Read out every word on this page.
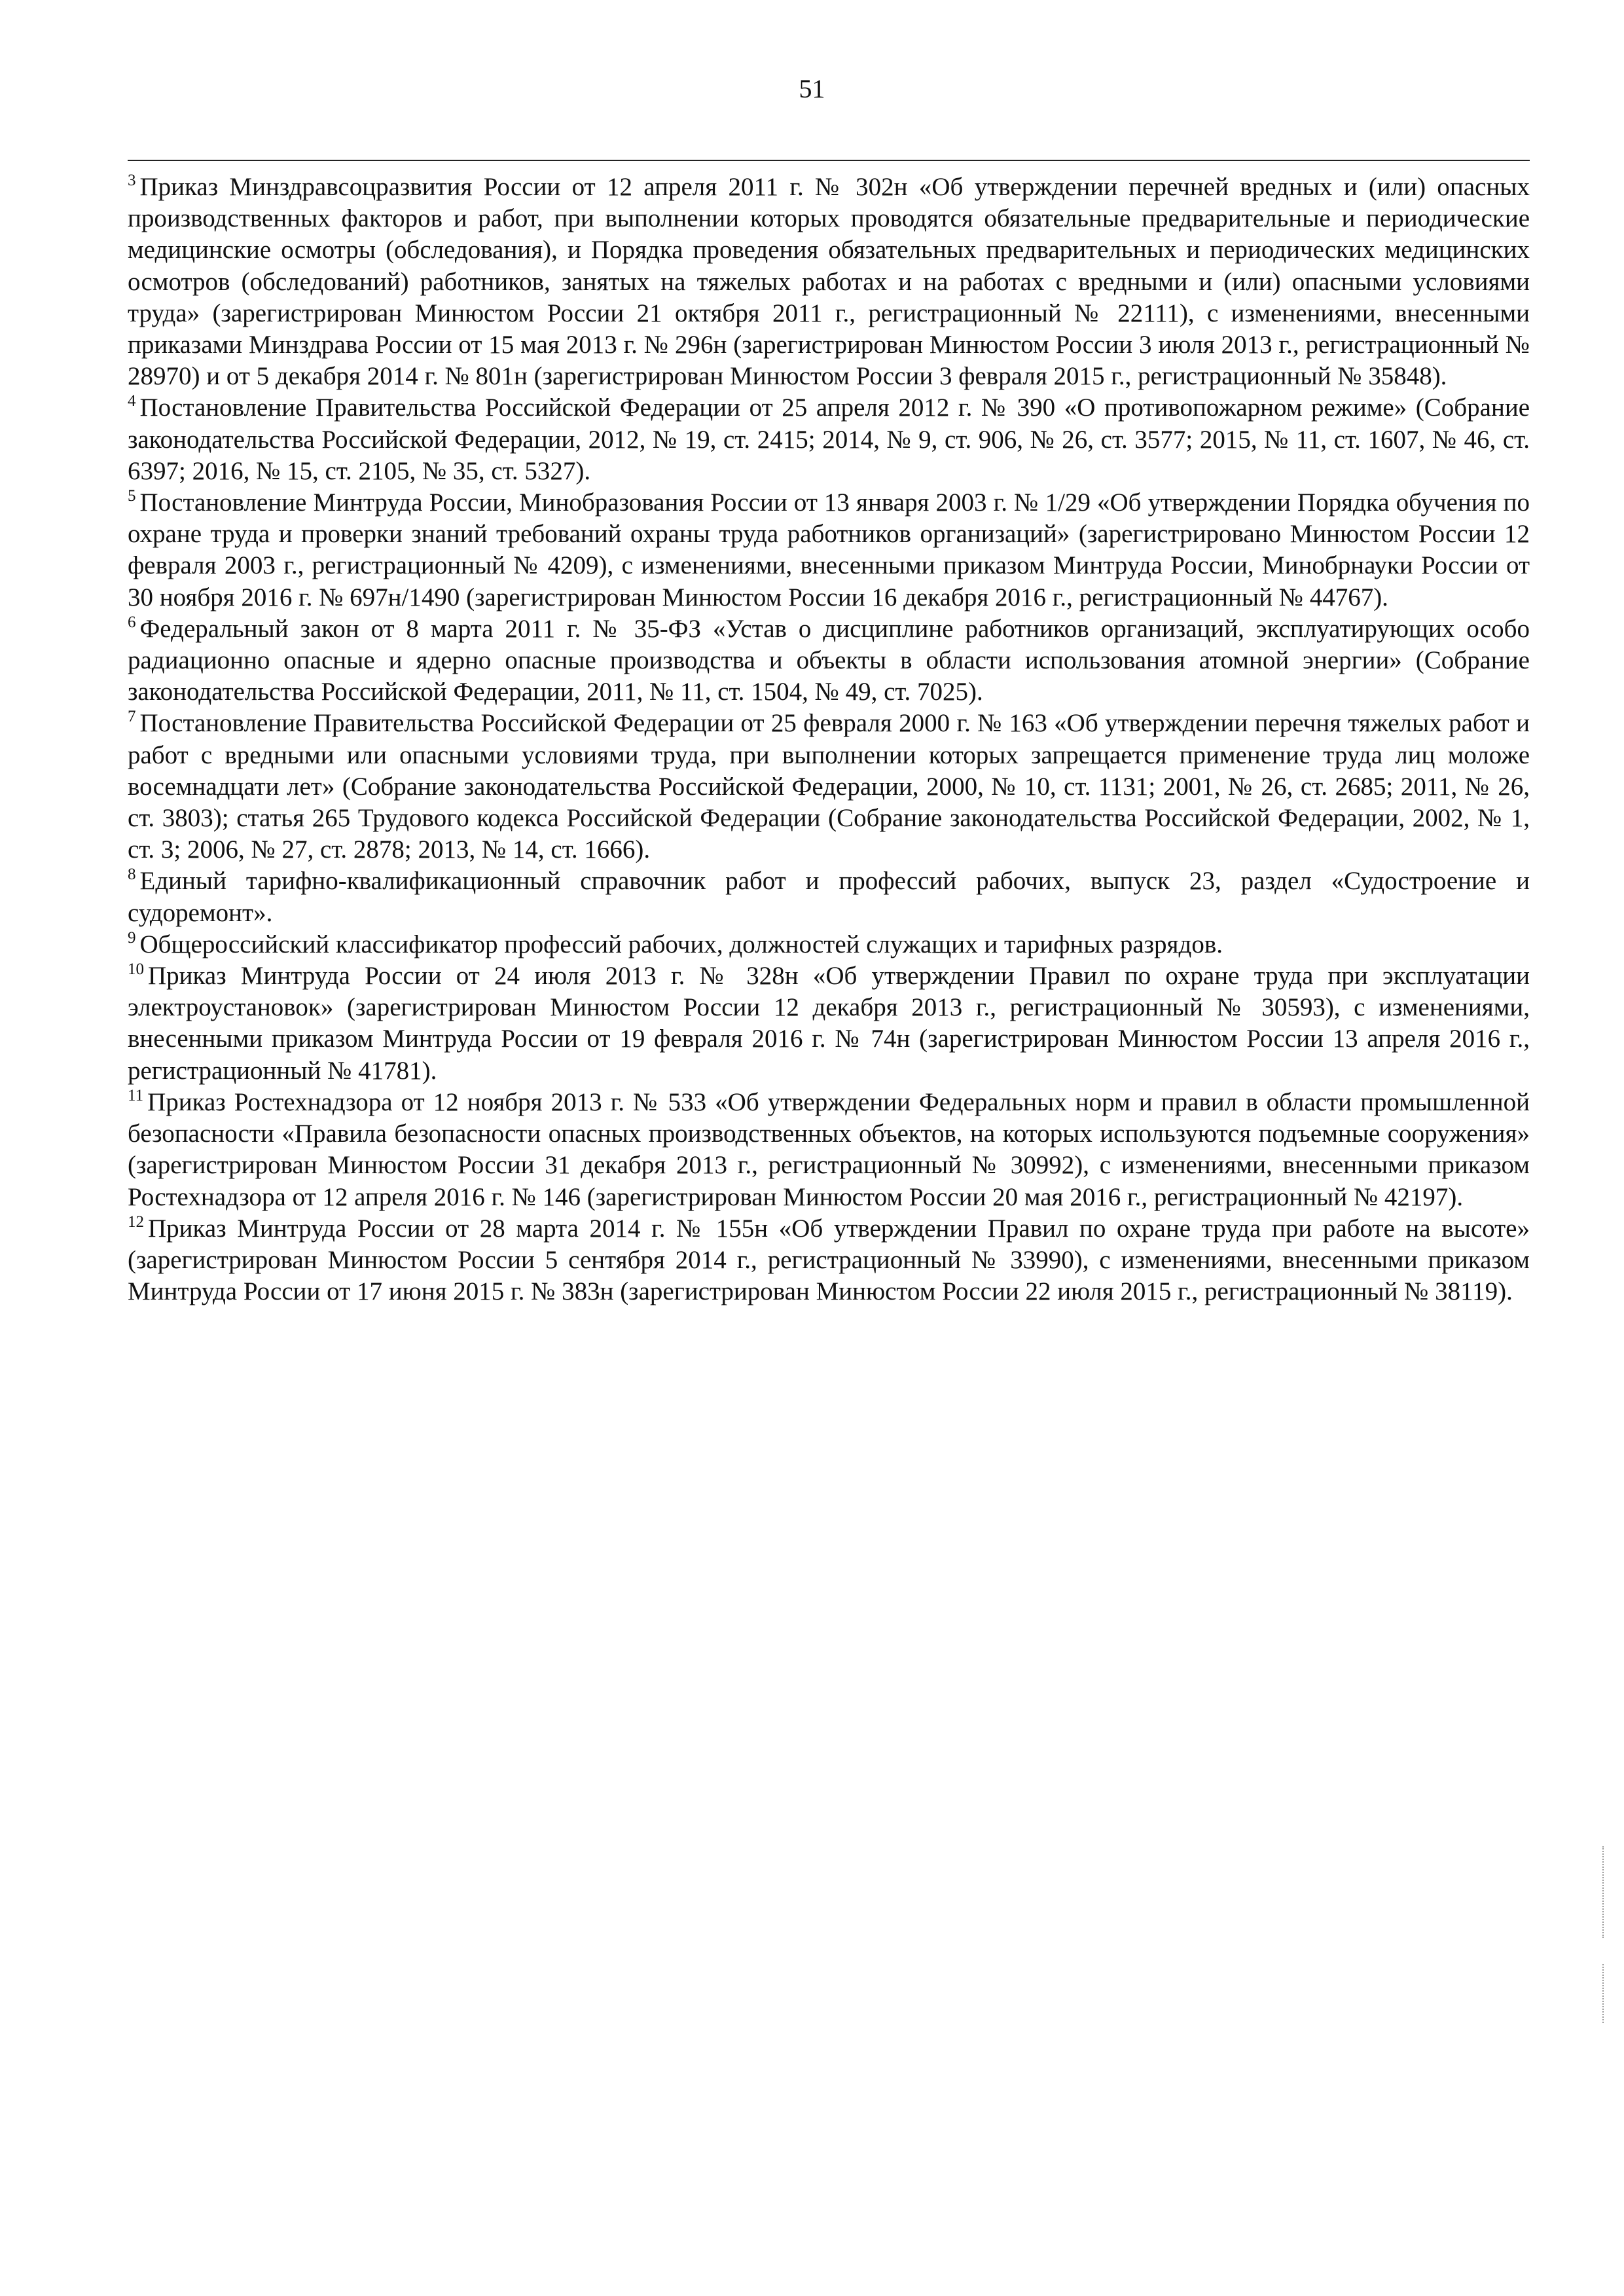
51

$^3$ Приказ Минздравсоцразвития России от 12 апреля 2011 г. № 302н «Об утверждении перечней вредных и (или) опасных производственных факторов и работ, при выполнении которых проводятся обязательные предварительные и периодические медицинские осмотры (обследования), и Порядка проведения обязательных предварительных и периодических медицинских осмотров (обследований) работников, занятых на тяжелых работах и на работах с вредными и (или) опасными условиями труда» (зарегистрирован Минюстом России 21 октября 2011 г., регистрационный № 22111), с изменениями, внесенными приказами Минздрава России от 15 мая 2013 г. № 296н (зарегистрирован Минюстом России 3 июля 2013 г., регистрационный № 28970) и от 5 декабря 2014 г. № 801н (зарегистрирован Минюстом России 3 февраля 2015 г., регистрационный № 35848).

$^4$ Постановление Правительства Российской Федерации от 25 апреля 2012 г. № 390 «О противопожарном режиме» (Собрание законодательства Российской Федерации, 2012, № 19, ст. 2415; 2014, № 9, ст. 906, № 26, ст. 3577; 2015, № 11, ст. 1607, № 46, ст. 6397; 2016, № 15, ст. 2105, № 35, ст. 5327).

$^5$ Постановление Минтруда России, Минобразования России от 13 января 2003 г. № 1/29 «Об утверждении Порядка обучения по охране труда и проверки знаний требований охраны труда работников организаций» (зарегистрировано Минюстом России 12 февраля 2003 г., регистрационный № 4209), с изменениями, внесенными приказом Минтруда России, Минобрнауки России от 30 ноября 2016 г. № 697н/1490 (зарегистрирован Минюстом России 16 декабря 2016 г., регистрационный № 44767).

$^6$ Федеральный закон от 8 марта 2011 г. № 35-ФЗ «Устав о дисциплине работников организаций, эксплуатирующих особо радиационно опасные и ядерно опасные производства и объекты в области использования атомной энергии» (Собрание законодательства Российской Федерации, 2011, № 11, ст. 1504, № 49, ст. 7025).

$^7$ Постановление Правительства Российской Федерации от 25 февраля 2000 г. № 163 «Об утверждении перечня тяжелых работ и работ с вредными или опасными условиями труда, при выполнении которых запрещается применение труда лиц моложе восемнадцати лет» (Собрание законодательства Российской Федерации, 2000, № 10, ст. 1131; 2001, № 26, ст. 2685; 2011, № 26, ст. 3803); статья 265 Трудового кодекса Российской Федерации (Собрание законодательства Российской Федерации, 2002, № 1, ст. 3; 2006, № 27, ст. 2878; 2013, № 14, ст. 1666).

$^8$ Единый тарифно-квалификационный справочник работ и профессий рабочих, выпуск 23, раздел «Судостроение и судоремонт».

$^9$ Общероссийский классификатор профессий рабочих, должностей служащих и тарифных разрядов.

$^{10}$ Приказ Минтруда России от 24 июля 2013 г. № 328н «Об утверждении Правил по охране труда при эксплуатации электроустановок» (зарегистрирован Минюстом России 12 декабря 2013 г., регистрационный № 30593), с изменениями, внесенными приказом Минтруда России от 19 февраля 2016 г. № 74н (зарегистрирован Минюстом России 13 апреля 2016 г., регистрационный № 41781).

$^{11}$ Приказ Ростехнадзора от 12 ноября 2013 г. № 533 «Об утверждении Федеральных норм и правил в области промышленной безопасности «Правила безопасности опасных производственных объектов, на которых используются подъемные сооружения» (зарегистрирован Минюстом России 31 декабря 2013 г., регистрационный № 30992), с изменениями, внесенными приказом Ростехнадзора от 12 апреля 2016 г. № 146 (зарегистрирован Минюстом России 20 мая 2016 г., регистрационный № 42197).

$^{12}$ Приказ Минтруда России от 28 марта 2014 г. № 155н «Об утверждении Правил по охране труда при работе на высоте» (зарегистрирован Минюстом России 5 сентября 2014 г., регистрационный № 33990), с изменениями, внесенными приказом Минтруда России от 17 июня 2015 г. № 383н (зарегистрирован Минюстом России 22 июля 2015 г., регистрационный № 38119).
